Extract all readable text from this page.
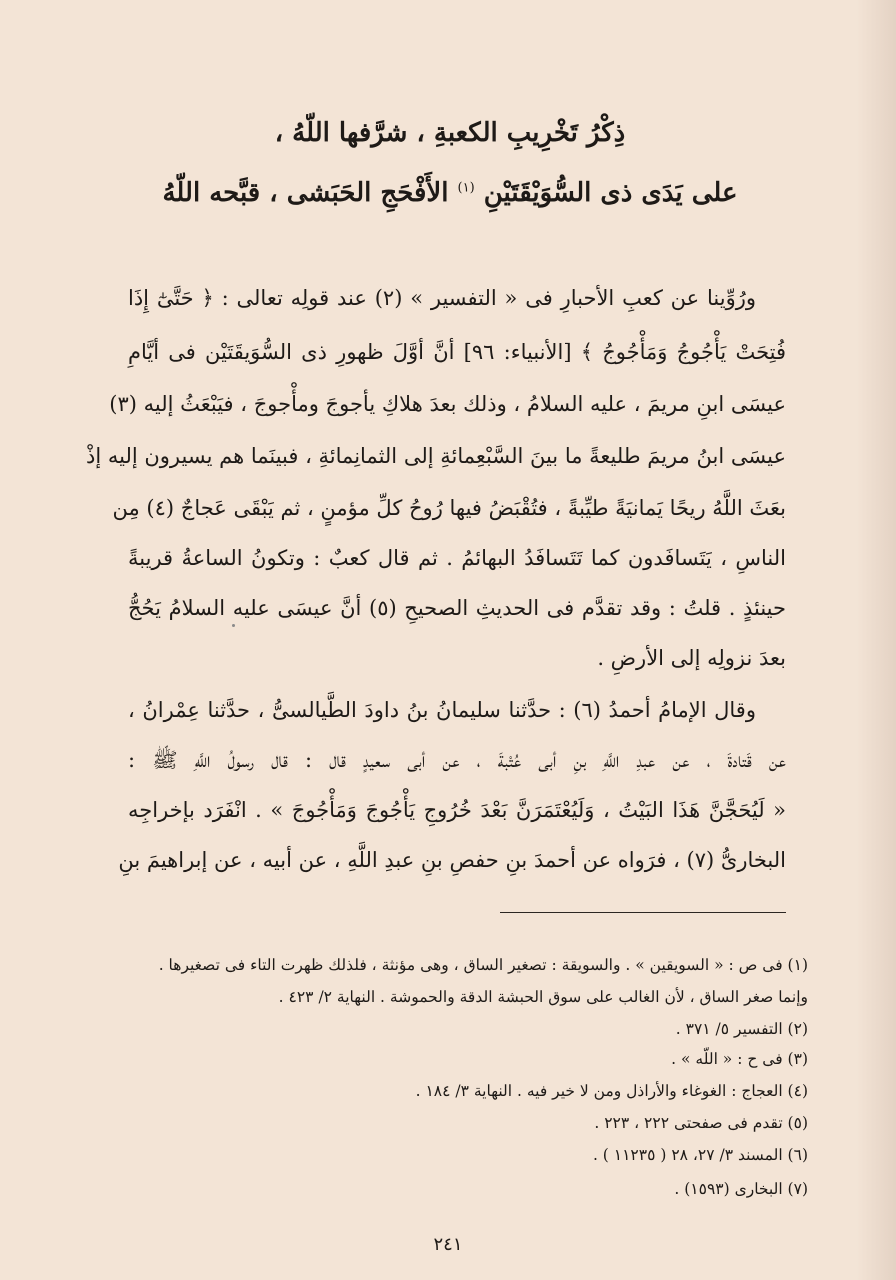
ذِكْرُ تَخْرِيبِ الكعبةِ ، شرَّفها اللّهُ ،
على يَدَى ذى السُّوَيْقَتَيْنِ $^{(١)}$ الأَفْحَجِ الحَبَشى ، قبَّحه اللّهُ
ورُوِّينا عن كعبِ الأحبارِ فى « التفسير » (٢) عند قولِه تعالى : ﴿ حَتَّىٰٓ إِذَا
فُتِحَتْ يَأْجُوجُ وَمَأْجُوجُ ﴾ [الأنبياء: ٩٦] أنَّ أوَّلَ ظهورِ ذى السُّوَيقَتَيْن فى أيَّامِ
عيسَى ابنِ مريمَ ، عليه السلامُ ، وذلك بعدَ هلاكِ يأجوجَ ومأْجوجَ ، فيَبْعَثُ إليه (٣)
عيسَى ابنُ مريمَ طليعةً ما بينَ السَّبْعِمائةِ إلى الثمانِمائةِ ، فبينَما هم يسيرون إليه إذْ
بعَثَ اللَّهُ ريحًا يَمانيَةً طيِّبةً ، فتُقْبَضُ فيها رُوحُ كلِّ مؤمنٍ ، ثم يَبْقَى عَجاجٌ (٤) مِن
الناسِ ، يَتَسافَدون كما تَتَسافَدُ البهائمُ . ثم قال كعبٌ : وتكونُ الساعةُ قريبةً
حينئذٍ . قلتُ : وقد تقدَّم فى الحديثِ الصحيحِ (٥) أنَّ عيسَى عليه السلامُ يَحُجُّ
بعدَ نزولِه إلى الأرضِ .
وقال الإمامُ أحمدُ (٦) : حدَّثنا سليمانُ بنُ داودَ الطَّيالسىُّ ، حدَّثنا عِمْرانُ ،
عن قَتادةَ ، عن عبدِ اللَّهِ بنِ أبى عُتْبةَ ، عن أبى سعيدٍ قال : قال رسولُ اللَّهِ ﷺ :
« لَيُحَجَّنَّ هَذَا البَيْتُ ، وَلَيُعْتَمَرَنَّ بَعْدَ خُرُوجِ يَأْجُوجَ وَمَأْجُوجَ » . انْفَرَد بإخراجِه
البخارىُّ (٧) ، فرَواه عن أحمدَ بنِ حفصِ بنِ عبدِ اللَّهِ ، عن أبيه ، عن إبراهيمَ بنِ
(١) فى ص : « السويقين » . والسويقة : تصغير الساق ، وهى مؤنثة ، فلذلك ظهرت التاء فى تصغيرها .
وإنما صغر الساق ، لأن الغالب على سوق الحبشة الدقة والحموشة . النهاية ٢/ ٤٢٣ .
(٢) التفسير ٥/ ٣٧١ .
(٣) فى ح : « اللّه » .
(٤) العجاج : الغوغاء والأراذل ومن لا خير فيه . النهاية ٣/ ١٨٤ .
(٥) تقدم فى صفحتى ٢٢٢ ، ٢٢٣ .
(٦) المسند ٣/ ٢٧، ٢٨ ( ١١٢٣٥ ) .
(٧) البخارى (١٥٩٣) .
٢٤١
